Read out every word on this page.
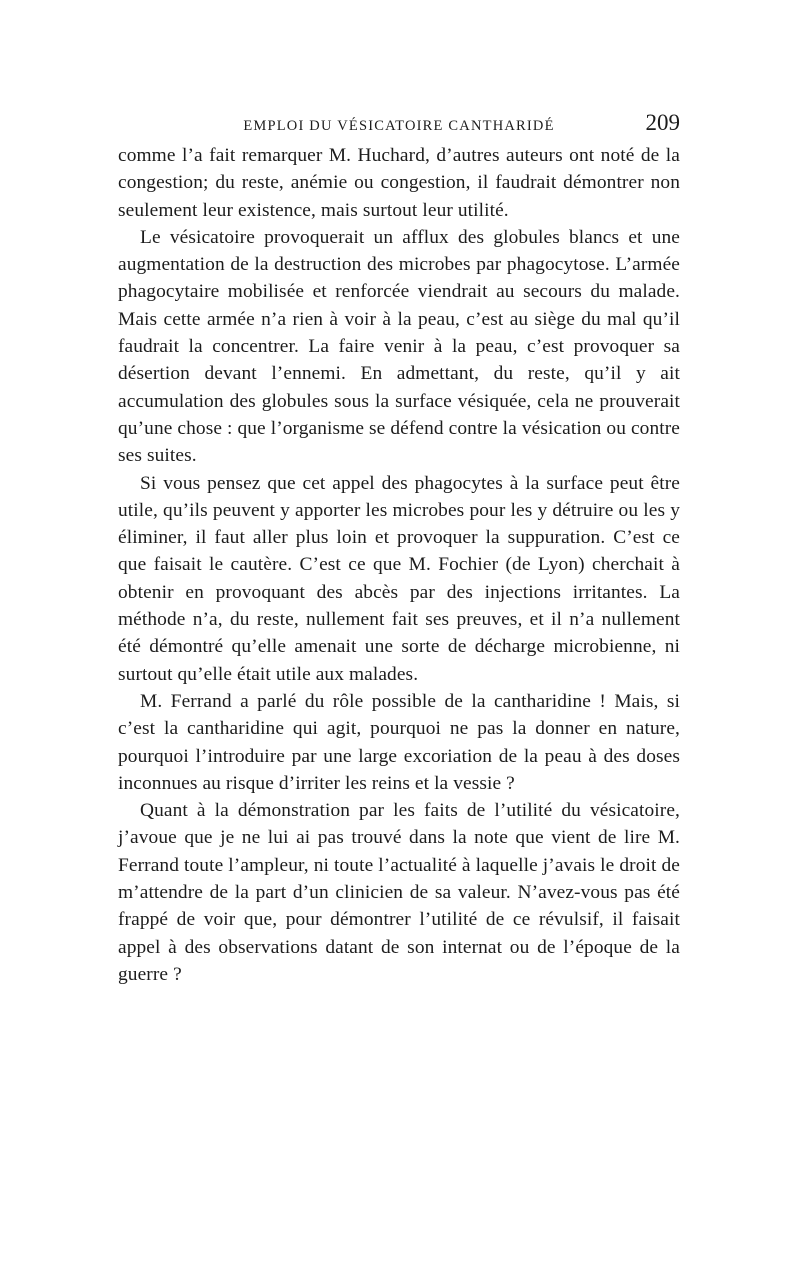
EMPLOI DU VÉSICATOIRE CANTHARIDÉ	209

comme l’a fait remarquer M. Huchard, d’autres auteurs ont noté de la congestion; du reste, anémie ou congestion, il faudrait démontrer non seulement leur existence, mais surtout leur utilité.

Le vésicatoire provoquerait un afflux des globules blancs et une augmentation de la destruction des microbes par phagocytose. L’armée phagocytaire mobilisée et renforcée viendrait au secours du malade. Mais cette armée n’a rien à voir à la peau, c’est au siège du mal qu’il faudrait la concentrer. La faire venir à la peau, c’est provoquer sa désertion devant l’ennemi. En admettant, du reste, qu’il y ait accumulation des globules sous la surface vésiquée, cela ne prouverait qu’une chose : que l’organisme se défend contre la vésication ou contre ses suites.

Si vous pensez que cet appel des phagocytes à la surface peut être utile, qu’ils peuvent y apporter les microbes pour les y détruire ou les y éliminer, il faut aller plus loin et provoquer la suppuration. C’est ce que faisait le cautère. C’est ce que M. Fochier (de Lyon) cherchait à obtenir en provoquant des abcès par des injections irritantes. La méthode n’a, du reste, nullement fait ses preuves, et il n’a nullement été démontré qu’elle amenait une sorte de décharge microbienne, ni surtout qu’elle était utile aux malades.

M. Ferrand a parlé du rôle possible de la cantharidine ! Mais, si c’est la cantharidine qui agit, pourquoi ne pas la donner en nature, pourquoi l’introduire par une large excoriation de la peau à des doses inconnues au risque d’irriter les reins et la vessie ?

Quant à la démonstration par les faits de l’utilité du vésicatoire, j’avoue que je ne lui ai pas trouvé dans la note que vient de lire M. Ferrand toute l’ampleur, ni toute l’actualité à laquelle j’avais le droit de m’attendre de la part d’un clinicien de sa valeur. N’avez-vous pas été frappé de voir que, pour démontrer l’utilité de ce révulsif, il faisait appel à des observations datant de son internat ou de l’époque de la guerre ?
